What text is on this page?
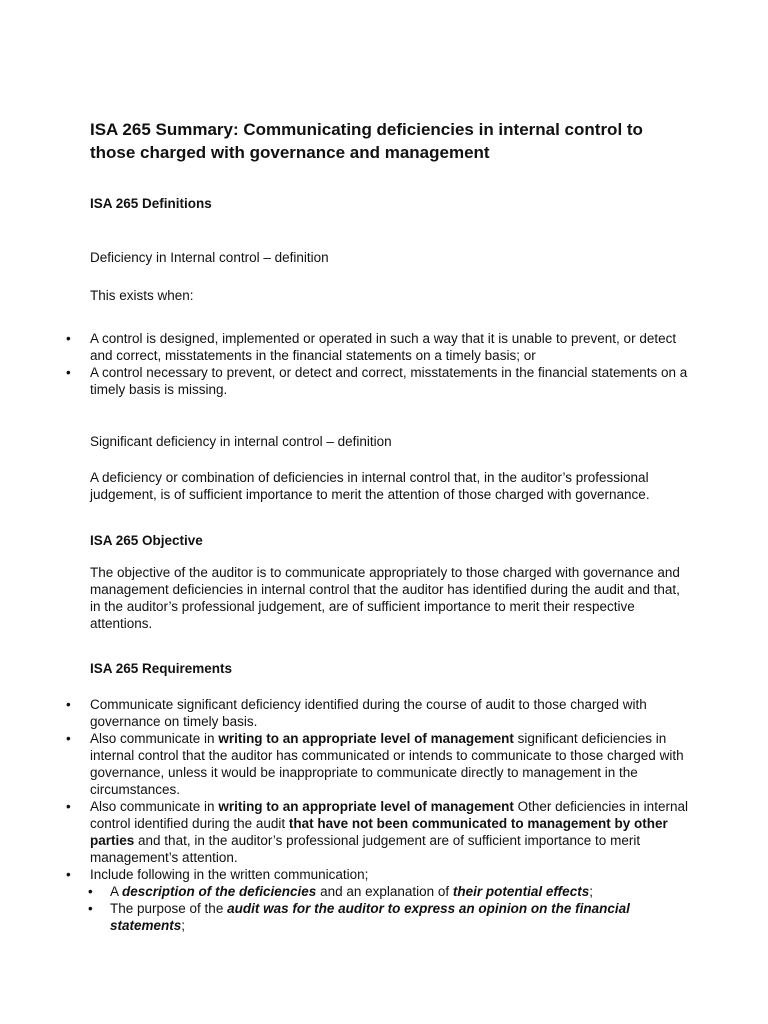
ISA 265 Summary: Communicating deficiencies in internal control to those charged with governance and management
ISA 265 Definitions

Deficiency in Internal control – definition

This exists when:

• A control is designed, implemented or operated in such a way that it is unable to prevent, or detect and correct, misstatements in the financial statements on a timely basis; or
• A control necessary to prevent, or detect and correct, misstatements in the financial statements on a timely basis is missing.

Significant deficiency in internal control – definition

A deficiency or combination of deficiencies in internal control that, in the auditor’s professional judgement, is of sufficient importance to merit the attention of those charged with governance.

ISA 265 Objective

The objective of the auditor is to communicate appropriately to those charged with governance and management deficiencies in internal control that the auditor has identified during the audit and that, in the auditor’s professional judgement, are of sufficient importance to merit their respective attentions.

ISA 265 Requirements
• Communicate significant deficiency identified during the course of audit to those charged with governance on timely basis.
• Also communicate in writing to an appropriate level of management significant deficiencies in internal control that the auditor has communicated or intends to communicate to those charged with governance, unless it would be inappropriate to communicate directly to management in the circumstances.
• Also communicate in writing to an appropriate level of management Other deficiencies in internal control identified during the audit that have not been communicated to management by other parties and that, in the auditor’s professional judgement are of sufficient importance to merit management’s attention.
• Include following in the written communication;
• A description of the deficiencies and an explanation of their potential effects;
• The purpose of the audit was for the auditor to express an opinion on the financial statements;
